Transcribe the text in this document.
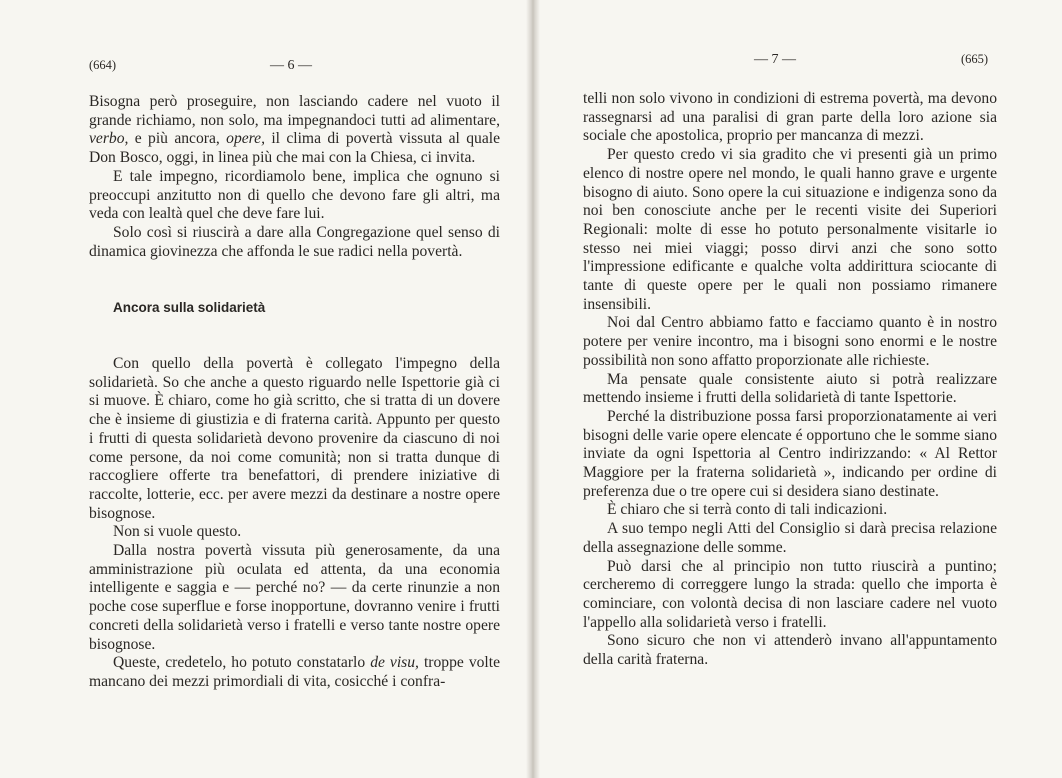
(664)	— 6 —

Bisogna però proseguire, non lasciando cadere nel vuoto il grande richiamo, non solo, ma impegnandoci tutti ad alimentare, verbo, e più ancora, opere, il clima di povertà vissuta al quale Don Bosco, oggi, in linea più che mai con la Chiesa, ci invita.

E tale impegno, ricordiamolo bene, implica che ognuno si preoccupi anzitutto non di quello che devono fare gli altri, ma veda con lealtà quel che deve fare lui.

Solo così si riuscirà a dare alla Congregazione quel senso di dinamica giovinezza che affonda le sue radici nella povertà.

Ancora sulla solidarietà

Con quello della povertà è collegato l'impegno della solidarietà. So che anche a questo riguardo nelle Ispettorie già ci si muove. È chiaro, come ho già scritto, che si tratta di un dovere che è insieme di giustizia e di fraterna carità. Appunto per questo i frutti di questa solidarietà devono provenire da ciascuno di noi come persone, da noi come comunità; non si tratta dunque di raccogliere offerte tra benefattori, di prendere iniziative di raccolte, lotterie, ecc. per avere mezzi da destinare a nostre opere bisognose.

Non si vuole questo.

Dalla nostra povertà vissuta più generosamente, da una amministrazione più oculata ed attenta, da una economia intelligente e saggia e — perché no? — da certe rinunzie a non poche cose superflue e forse inopportune, dovranno venire i frutti concreti della solidarietà verso i fratelli e verso tante nostre opere bisognose.

Queste, credetelo, ho potuto constatarlo de visu, troppe volte mancano dei mezzi primordiali di vita, cosicché i confra-

— 7 —	(665)

telli non solo vivono in condizioni di estrema povertà, ma devono rassegnarsi ad una paralisi di gran parte della loro azione sia sociale che apostolica, proprio per mancanza di mezzi.

Per questo credo vi sia gradito che vi presenti già un primo elenco di nostre opere nel mondo, le quali hanno grave e urgente bisogno di aiuto. Sono opere la cui situazione e indigenza sono da noi ben conosciute anche per le recenti visite dei Superiori Regionali: molte di esse ho potuto personalmente visitarle io stesso nei miei viaggi; posso dirvi anzi che sono sotto l'impressione edificante e qualche volta addirittura sciocante di tante di queste opere per le quali non possiamo rimanere insensibili.

Noi dal Centro abbiamo fatto e facciamo quanto è in nostro potere per venire incontro, ma i bisogni sono enormi e le nostre possibilità non sono affatto proporzionate alle richieste.

Ma pensate quale consistente aiuto si potrà realizzare mettendo insieme i frutti della solidarietà di tante Ispettorie.

Perché la distribuzione possa farsi proporzionatamente ai veri bisogni delle varie opere elencate é opportuno che le somme siano inviate da ogni Ispettoria al Centro indirizzando: « Al Rettor Maggiore per la fraterna solidarietà », indicando per ordine di preferenza due o tre opere cui si desidera siano destinate.

È chiaro che si terrà conto di tali indicazioni.

A suo tempo negli Atti del Consiglio si darà precisa relazione della assegnazione delle somme.

Può darsi che al principio non tutto riuscirà a puntino; cercheremo di correggere lungo la strada: quello che importa è cominciare, con volontà decisa di non lasciare cadere nel vuoto l'appello alla solidarietà verso i fratelli.

Sono sicuro che non vi attenderò invano all'appuntamento della carità fraterna.
